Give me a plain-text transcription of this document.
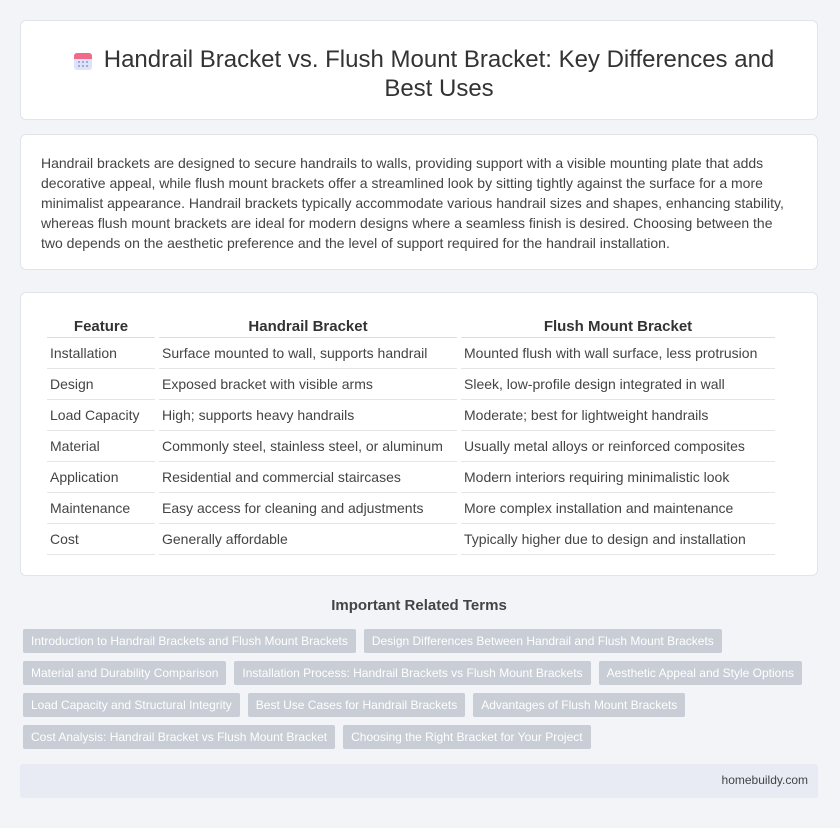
Handrail Bracket vs. Flush Mount Bracket: Key Differences and Best Uses

Handrail brackets are designed to secure handrails to walls, providing support with a visible mounting plate that adds decorative appeal, while flush mount brackets offer a streamlined look by sitting tightly against the surface for a more minimalist appearance. Handrail brackets typically accommodate various handrail sizes and shapes, enhancing stability, whereas flush mount brackets are ideal for modern designs where a seamless finish is desired. Choosing between the two depends on the aesthetic preference and the level of support required for the handrail installation.

Feature	Handrail Bracket	Flush Mount Bracket
Installation	Surface mounted to wall, supports handrail	Mounted flush with wall surface, less protrusion
Design	Exposed bracket with visible arms	Sleek, low-profile design integrated in wall
Load Capacity	High; supports heavy handrails	Moderate; best for lightweight handrails
Material	Commonly steel, stainless steel, or aluminum	Usually metal alloys or reinforced composites
Application	Residential and commercial staircases	Modern interiors requiring minimalistic look
Maintenance	Easy access for cleaning and adjustments	More complex installation and maintenance
Cost	Generally affordable	Typically higher due to design and installation
Important Related Terms
Introduction to Handrail Brackets and Flush Mount Brackets	Design Differences Between Handrail and Flush Mount Brackets
Material and Durability Comparison	Installation Process: Handrail Brackets vs Flush Mount Brackets	Aesthetic Appeal and Style Options
Load Capacity and Structural Integrity	Best Use Cases for Handrail Brackets	Advantages of Flush Mount Brackets
Cost Analysis: Handrail Bracket vs Flush Mount Bracket	Choosing the Right Bracket for Your Project
homebuildy.com
